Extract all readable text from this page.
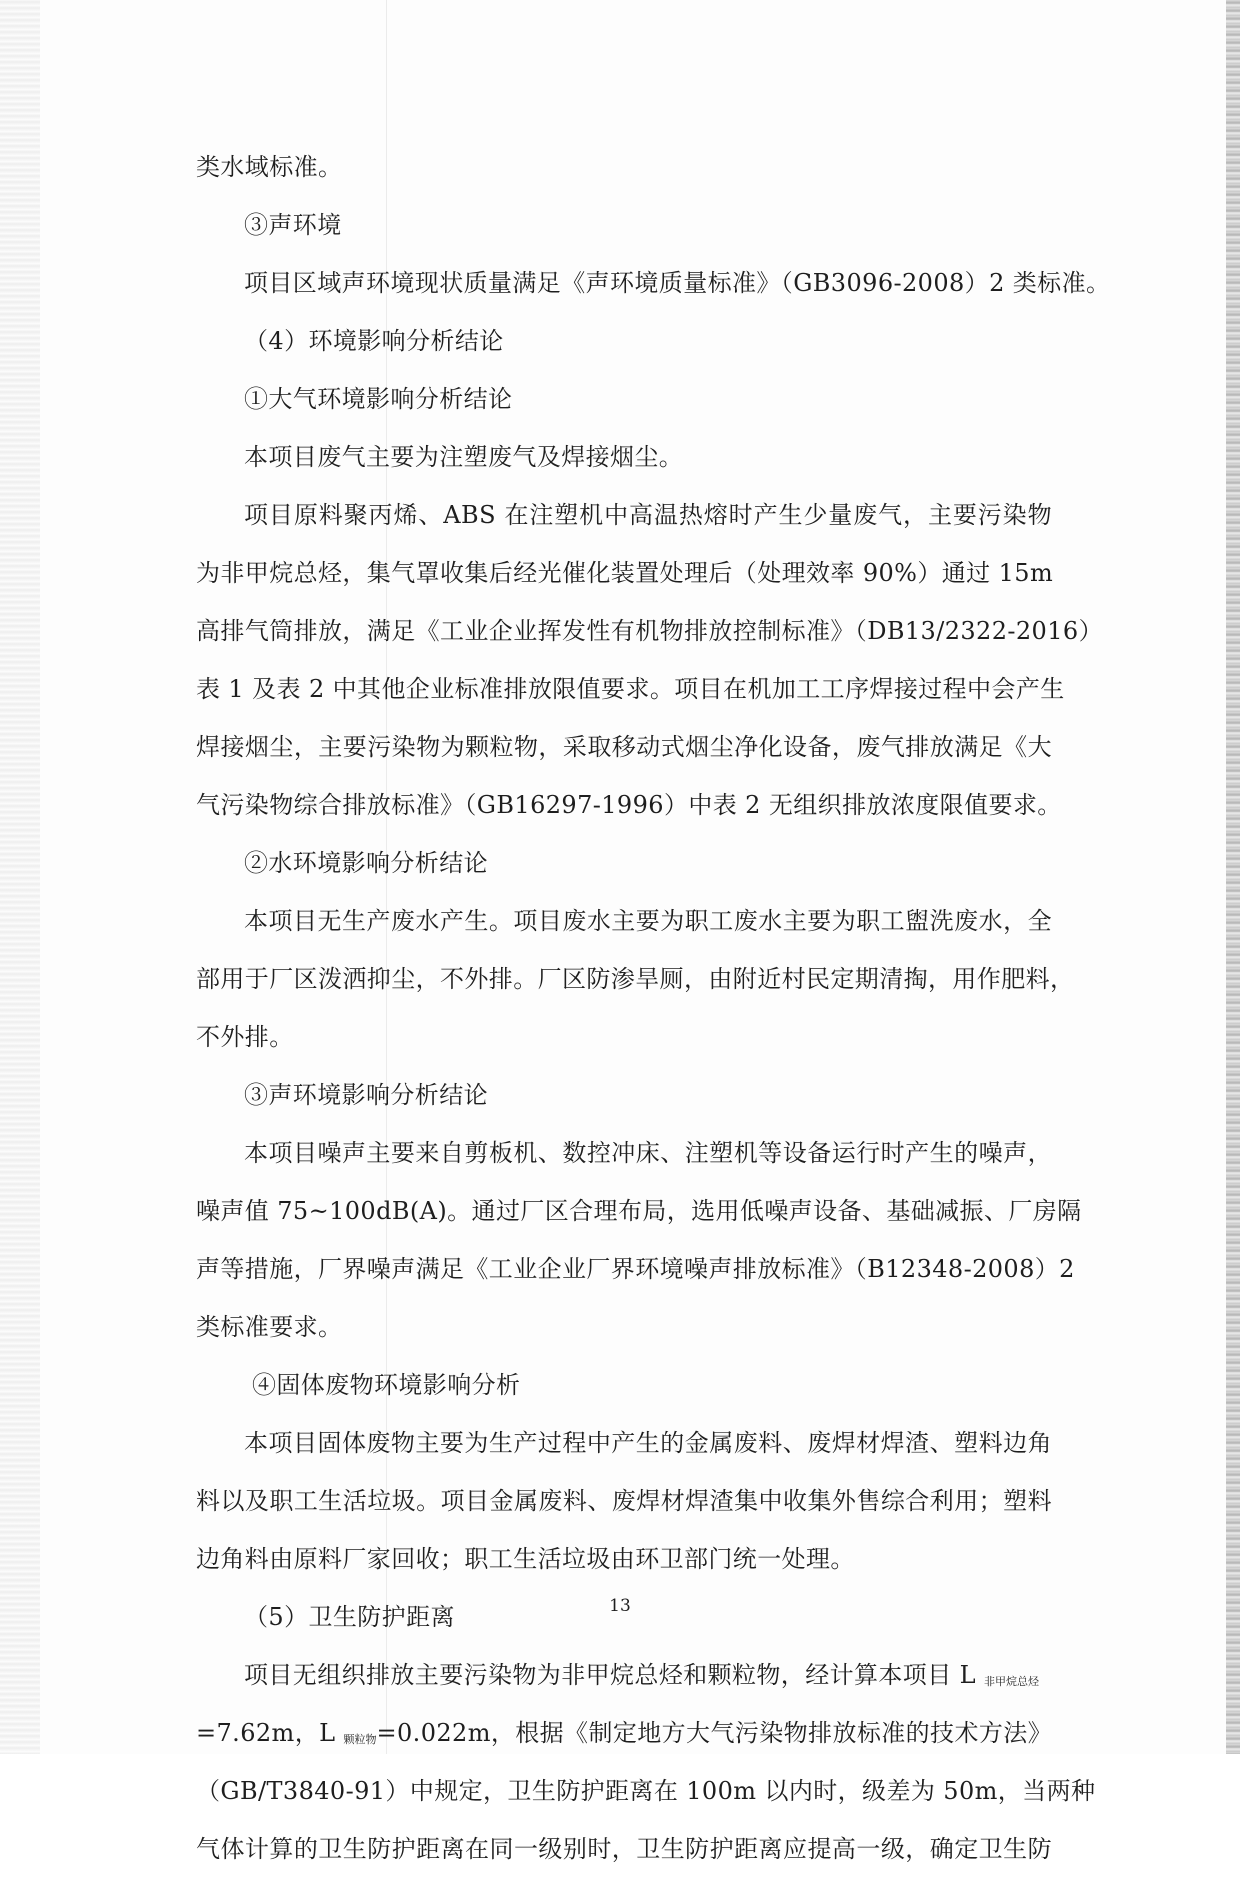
类水域标准。
③声环境
项目区域声环境现状质量满足《声环境质量标准》（GB3096-2008）2 类标准。
（4）环境影响分析结论
①大气环境影响分析结论
本项目废气主要为注塑废气及焊接烟尘。
项目原料聚丙烯、ABS 在注塑机中高温热熔时产生少量废气，主要污染物
为非甲烷总烃，集气罩收集后经光催化装置处理后（处理效率 90%）通过 15m
高排气筒排放，满足《工业企业挥发性有机物排放控制标准》（DB13/2322-2016）
表 1 及表 2 中其他企业标准排放限值要求。项目在机加工工序焊接过程中会产生
焊接烟尘，主要污染物为颗粒物，采取移动式烟尘净化设备，废气排放满足《大
气污染物综合排放标准》（GB16297-1996）中表 2 无组织排放浓度限值要求。
②水环境影响分析结论
本项目无生产废水产生。项目废水主要为职工废水主要为职工盥洗废水，全
部用于厂区泼洒抑尘，不外排。厂区防渗旱厕，由附近村民定期清掏，用作肥料，
不外排。
③声环境影响分析结论
本项目噪声主要来自剪板机、数控冲床、注塑机等设备运行时产生的噪声，
噪声值 75~100dB(A)。通过厂区合理布局，选用低噪声设备、基础减振、厂房隔
声等措施，厂界噪声满足《工业企业厂界环境噪声排放标准》（B12348-2008）2
类标准要求。
④固体废物环境影响分析
本项目固体废物主要为生产过程中产生的金属废料、废焊材焊渣、塑料边角
料以及职工生活垃圾。项目金属废料、废焊材焊渣集中收集外售综合利用；塑料
边角料由原料厂家回收；职工生活垃圾由环卫部门统一处理。
（5）卫生防护距离
项目无组织排放主要污染物为非甲烷总烃和颗粒物，经计算本项目 L 非甲烷总烃
=7.62m，L 颗粒物=0.022m，根据《制定地方大气污染物排放标准的技术方法》
（GB/T3840-91）中规定，卫生防护距离在 100m 以内时，级差为 50m，当两种
气体计算的卫生防护距离在同一级别时，卫生防护距离应提高一级，确定卫生防
13
